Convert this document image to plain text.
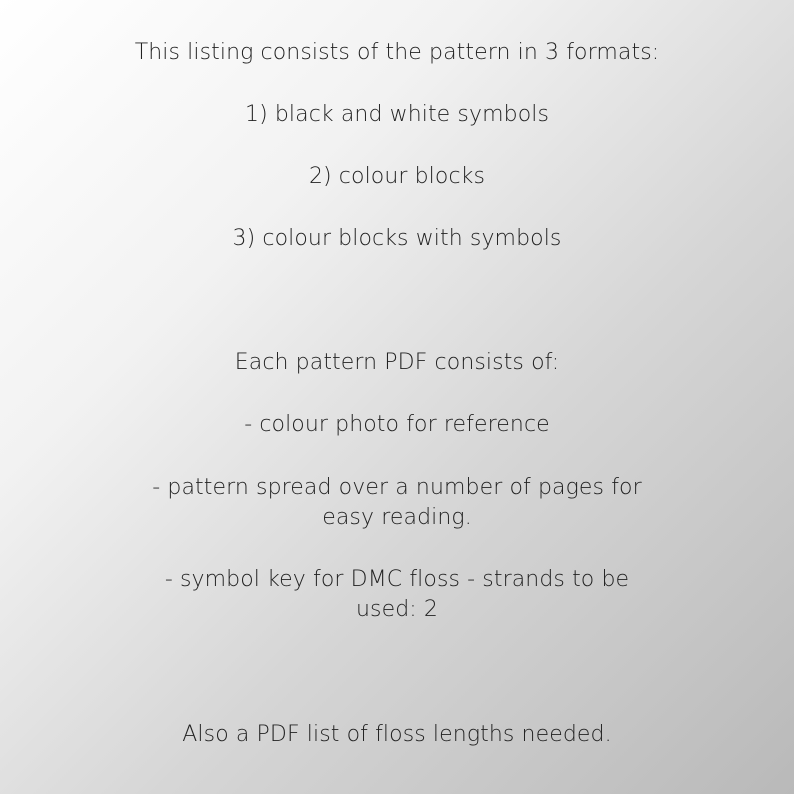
This listing consists of the pattern in 3 formats:

1) black and white symbols

2) colour blocks

3) colour blocks with symbols

Each pattern PDF consists of:

- colour photo for reference

- pattern spread over a number of pages for easy reading.

- symbol key for DMC floss - strands to be used: 2

Also a PDF list of floss lengths needed.
